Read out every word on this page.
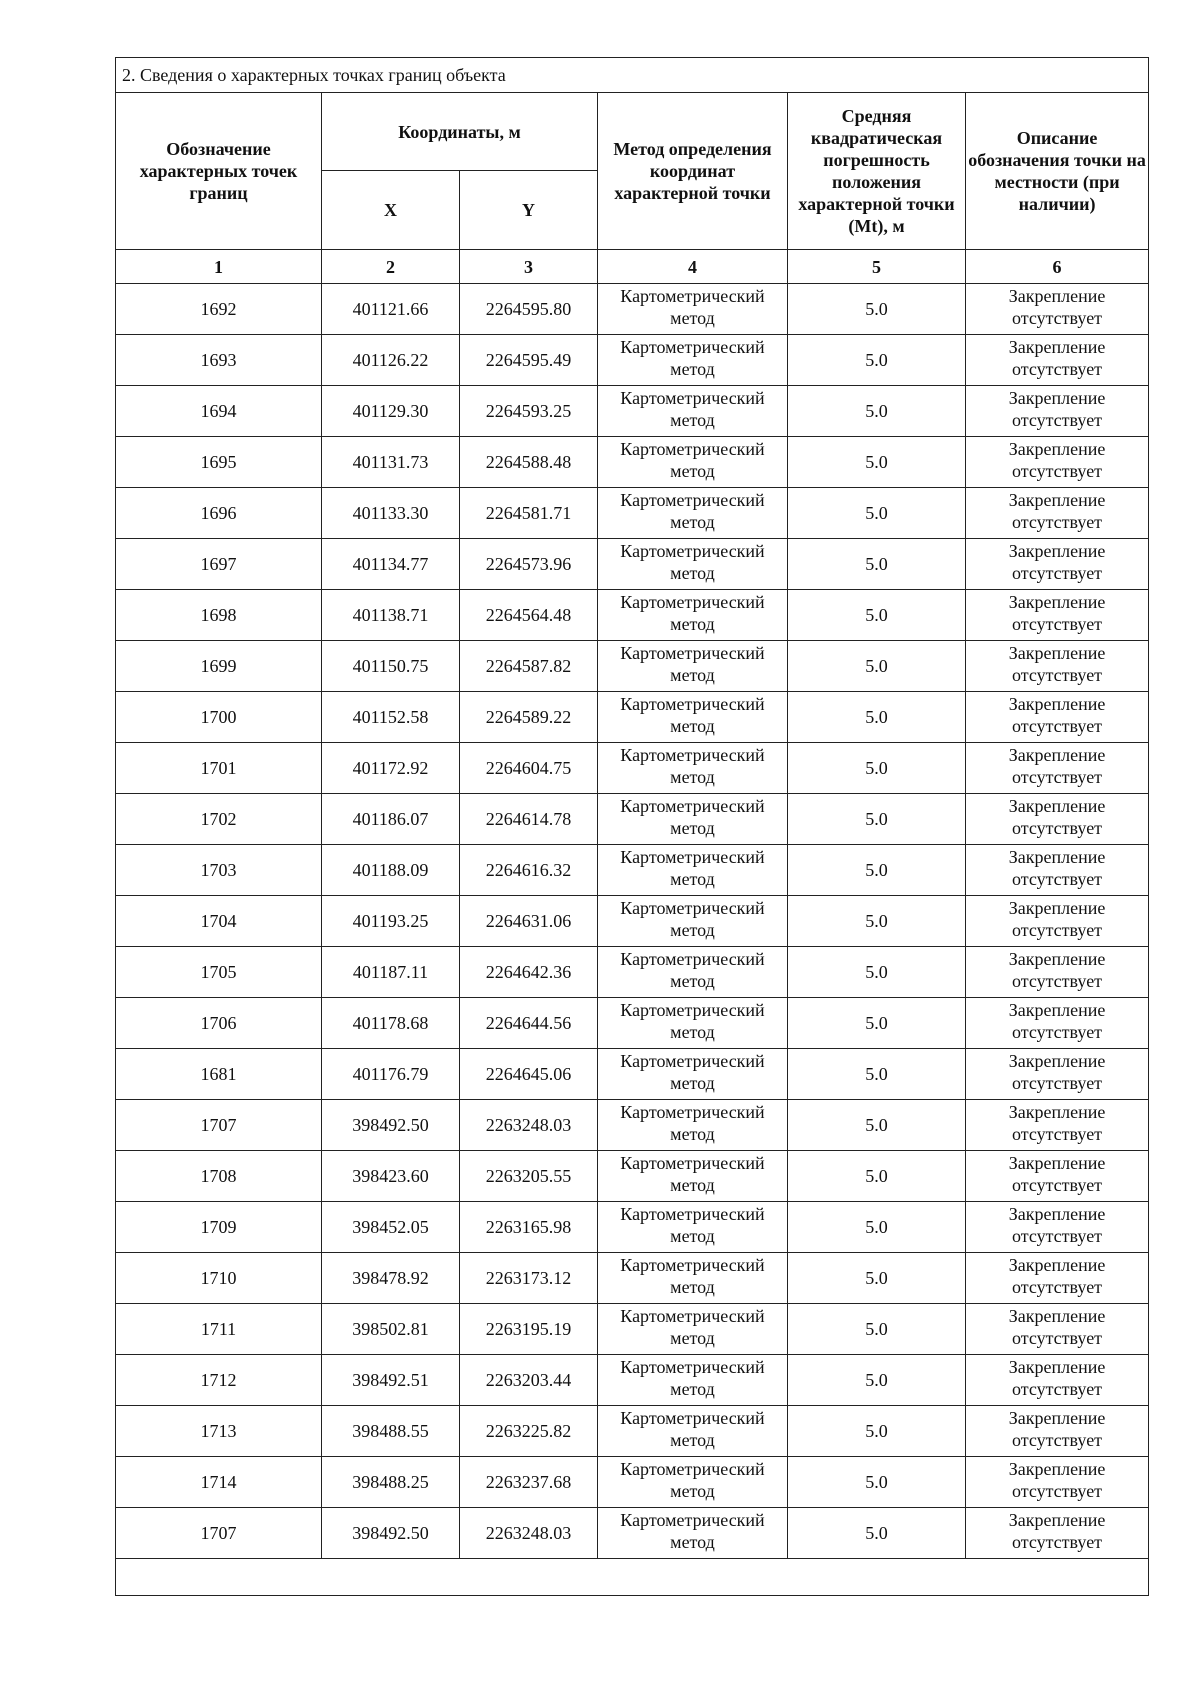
2. Сведения о характерных точках границ объекта					
Обозначение характерных точек границ	Координаты, м		Метод определения координат характерной точки	Средняя квадратическая погрешность положения характерной точки (Mt), м	Описание обозначения точки на местности (при наличии)
	X	Y			
1	2	3	4	5	6
1692	401121.66	2264595.80	Картометрический метод	5.0	Закрепление отсутствует
1693	401126.22	2264595.49	Картометрический метод	5.0	Закрепление отсутствует
1694	401129.30	2264593.25	Картометрический метод	5.0	Закрепление отсутствует
1695	401131.73	2264588.48	Картометрический метод	5.0	Закрепление отсутствует
1696	401133.30	2264581.71	Картометрический метод	5.0	Закрепление отсутствует
1697	401134.77	2264573.96	Картометрический метод	5.0	Закрепление отсутствует
1698	401138.71	2264564.48	Картометрический метод	5.0	Закрепление отсутствует
1699	401150.75	2264587.82	Картометрический метод	5.0	Закрепление отсутствует
1700	401152.58	2264589.22	Картометрический метод	5.0	Закрепление отсутствует
1701	401172.92	2264604.75	Картометрический метод	5.0	Закрепление отсутствует
1702	401186.07	2264614.78	Картометрический метод	5.0	Закрепление отсутствует
1703	401188.09	2264616.32	Картометрический метод	5.0	Закрепление отсутствует
1704	401193.25	2264631.06	Картометрический метод	5.0	Закрепление отсутствует
1705	401187.11	2264642.36	Картометрический метод	5.0	Закрепление отсутствует
1706	401178.68	2264644.56	Картометрический метод	5.0	Закрепление отсутствует
1681	401176.79	2264645.06	Картометрический метод	5.0	Закрепление отсутствует
1707	398492.50	2263248.03	Картометрический метод	5.0	Закрепление отсутствует
1708	398423.60	2263205.55	Картометрический метод	5.0	Закрепление отсутствует
1709	398452.05	2263165.98	Картометрический метод	5.0	Закрепление отсутствует
1710	398478.92	2263173.12	Картометрический метод	5.0	Закрепление отсутствует
1711	398502.81	2263195.19	Картометрический метод	5.0	Закрепление отсутствует
1712	398492.51	2263203.44	Картометрический метод	5.0	Закрепление отсутствует
1713	398488.55	2263225.82	Картометрический метод	5.0	Закрепление отсутствует
1714	398488.25	2263237.68	Картометрический метод	5.0	Закрепление отсутствует
1707	398492.50	2263248.03	Картометрический метод	5.0	Закрепление отсутствует
